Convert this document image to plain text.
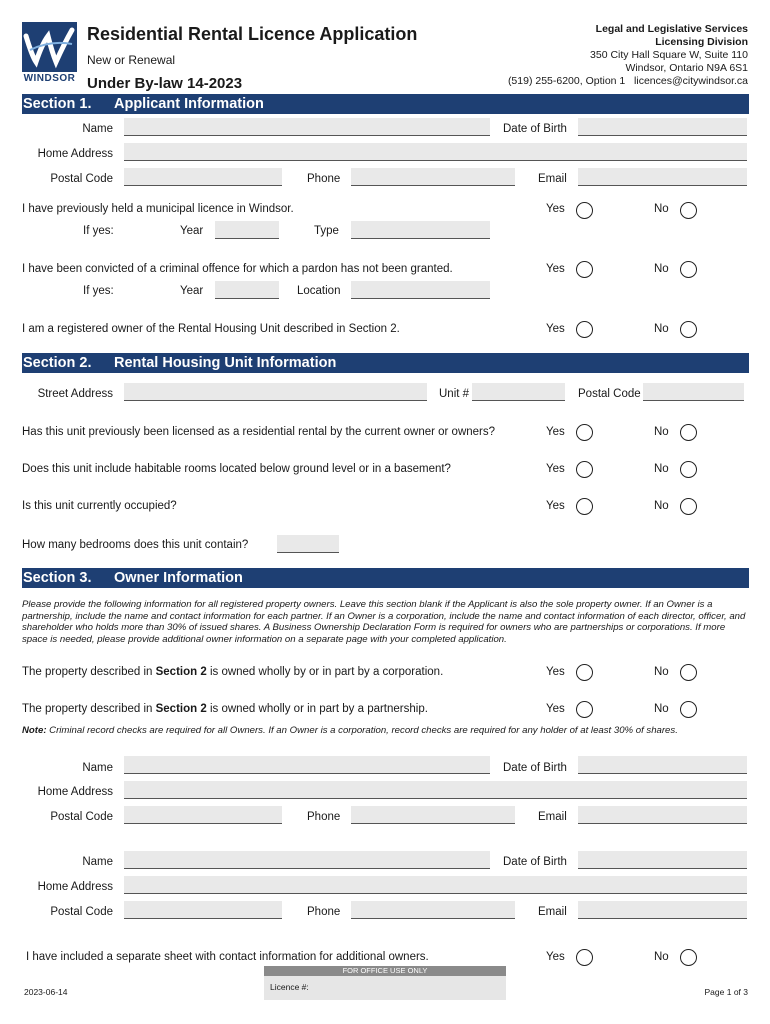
WINDSOR
Residential Rental Licence Application
New or Renewal
Under By-law 14-2023
Legal and Legislative Services
Licensing Division
350 City Hall Square W, Suite 110
Windsor, Ontario N9A 6S1
(519) 255-6200, Option 1 licences@citywindsor.ca
Section 1. Applicant Information
Name	Date of Birth
Home Address
Postal Code	Phone	Email
I have previously held a municipal licence in Windsor.	Yes	No
If yes:	Year	Type
I have been convicted of a criminal offence for which a pardon has not been granted.	Yes	No
If yes:	Year	Location
I am a registered owner of the Rental Housing Unit described in Section 2.	Yes	No
Section 2. Rental Housing Unit Information
Street Address	Unit #	Postal Code
Has this unit previously been licensed as a residential rental by the current owner or owners?	Yes	No
Does this unit include habitable rooms located below ground level or in a basement?	Yes	No
Is this unit currently occupied?	Yes	No
How many bedrooms does this unit contain?
Section 3. Owner Information
Please provide the following information for all registered property owners. Leave this section blank if the Applicant is also the sole property owner. If an Owner is a partnership, include the name and contact information for each partner. If an Owner is a corporation, include the name and contact information of each director, officer, and shareholder who holds more than 30% of issued shares. A Business Ownership Declaration Form is required for owners who are partnerships or corporations. If more space is needed, please provide additional owner information on a separate page with your completed application.
The property described in Section 2 is owned wholly by or in part by a corporation.	Yes	No
The property described in Section 2 is owned wholly or in part by a partnership.	Yes	No
Note: Criminal record checks are required for all Owners. If an Owner is a corporation, record checks are required for any holder of at least 30% of shares.
Name	Date of Birth
Home Address
Postal Code	Phone	Email
Name	Date of Birth
Home Address
Postal Code	Phone	Email
I have included a separate sheet with contact information for additional owners.	Yes	No
FOR OFFICE USE ONLY
Licence #:
2023-06-14	Page 1 of 3
